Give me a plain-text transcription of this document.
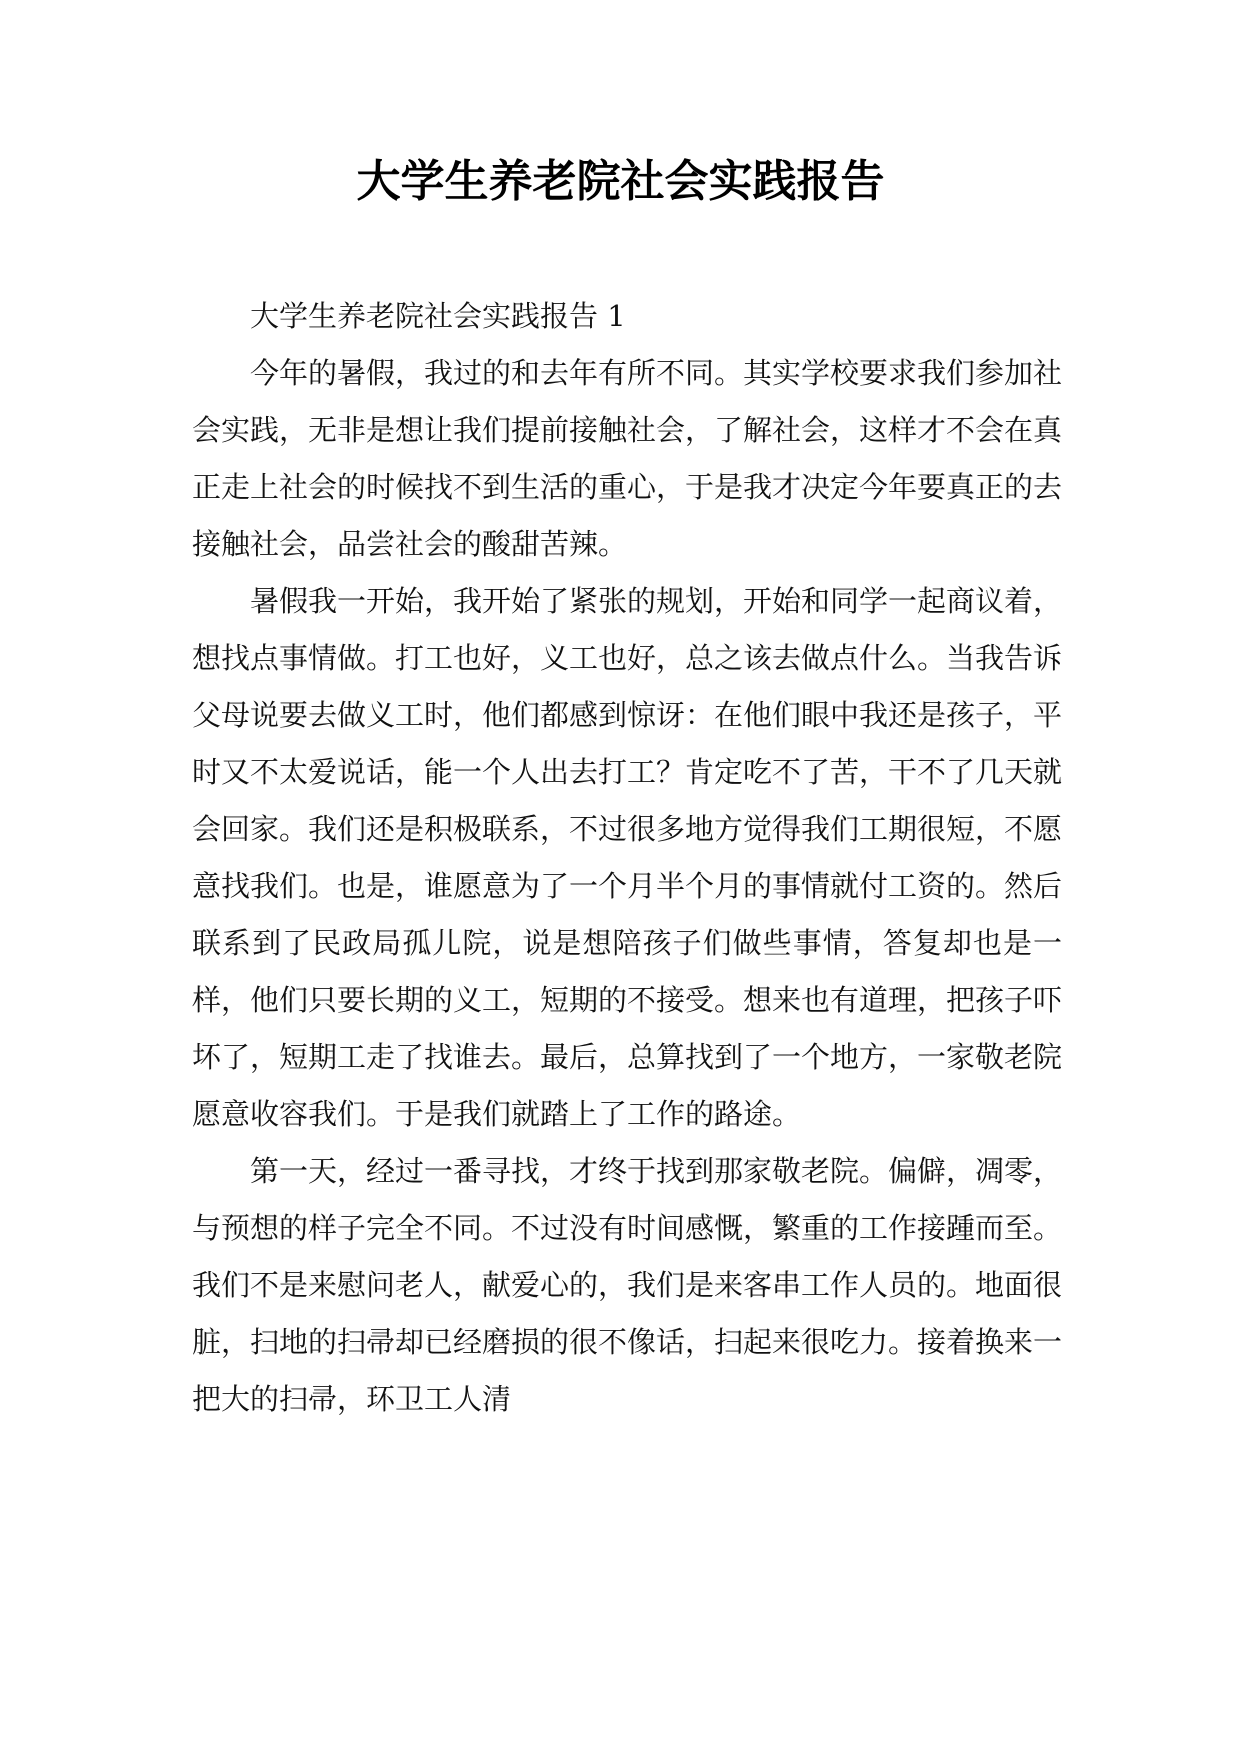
大学生养老院社会实践报告

大学生养老院社会实践报告 1

今年的暑假，我过的和去年有所不同。其实学校要求我们参加社会实践，无非是想让我们提前接触社会，了解社会，这样才不会在真正走上社会的时候找不到生活的重心，于是我才决定今年要真正的去接触社会，品尝社会的酸甜苦辣。

暑假我一开始，我开始了紧张的规划，开始和同学一起商议着，想找点事情做。打工也好，义工也好，总之该去做点什么。当我告诉父母说要去做义工时，他们都感到惊讶：在他们眼中我还是孩子，平时又不太爱说话，能一个人出去打工？肯定吃不了苦，干不了几天就会回家。我们还是积极联系，不过很多地方觉得我们工期很短，不愿意找我们。也是，谁愿意为了一个月半个月的事情就付工资的。然后联系到了民政局孤儿院，说是想陪孩子们做些事情，答复却也是一样，他们只要长期的义工，短期的不接受。想来也有道理，把孩子吓坏了，短期工走了找谁去。最后，总算找到了一个地方，一家敬老院愿意收容我们。于是我们就踏上了工作的路途。

第一天，经过一番寻找，才终于找到那家敬老院。偏僻，凋零，与预想的样子完全不同。不过没有时间感慨，繁重的工作接踵而至。我们不是来慰问老人，献爱心的，我们是来客串工作人员的。地面很脏，扫地的扫帚却已经磨损的很不像话，扫起来很吃力。接着换来一把大的扫帚，环卫工人清
